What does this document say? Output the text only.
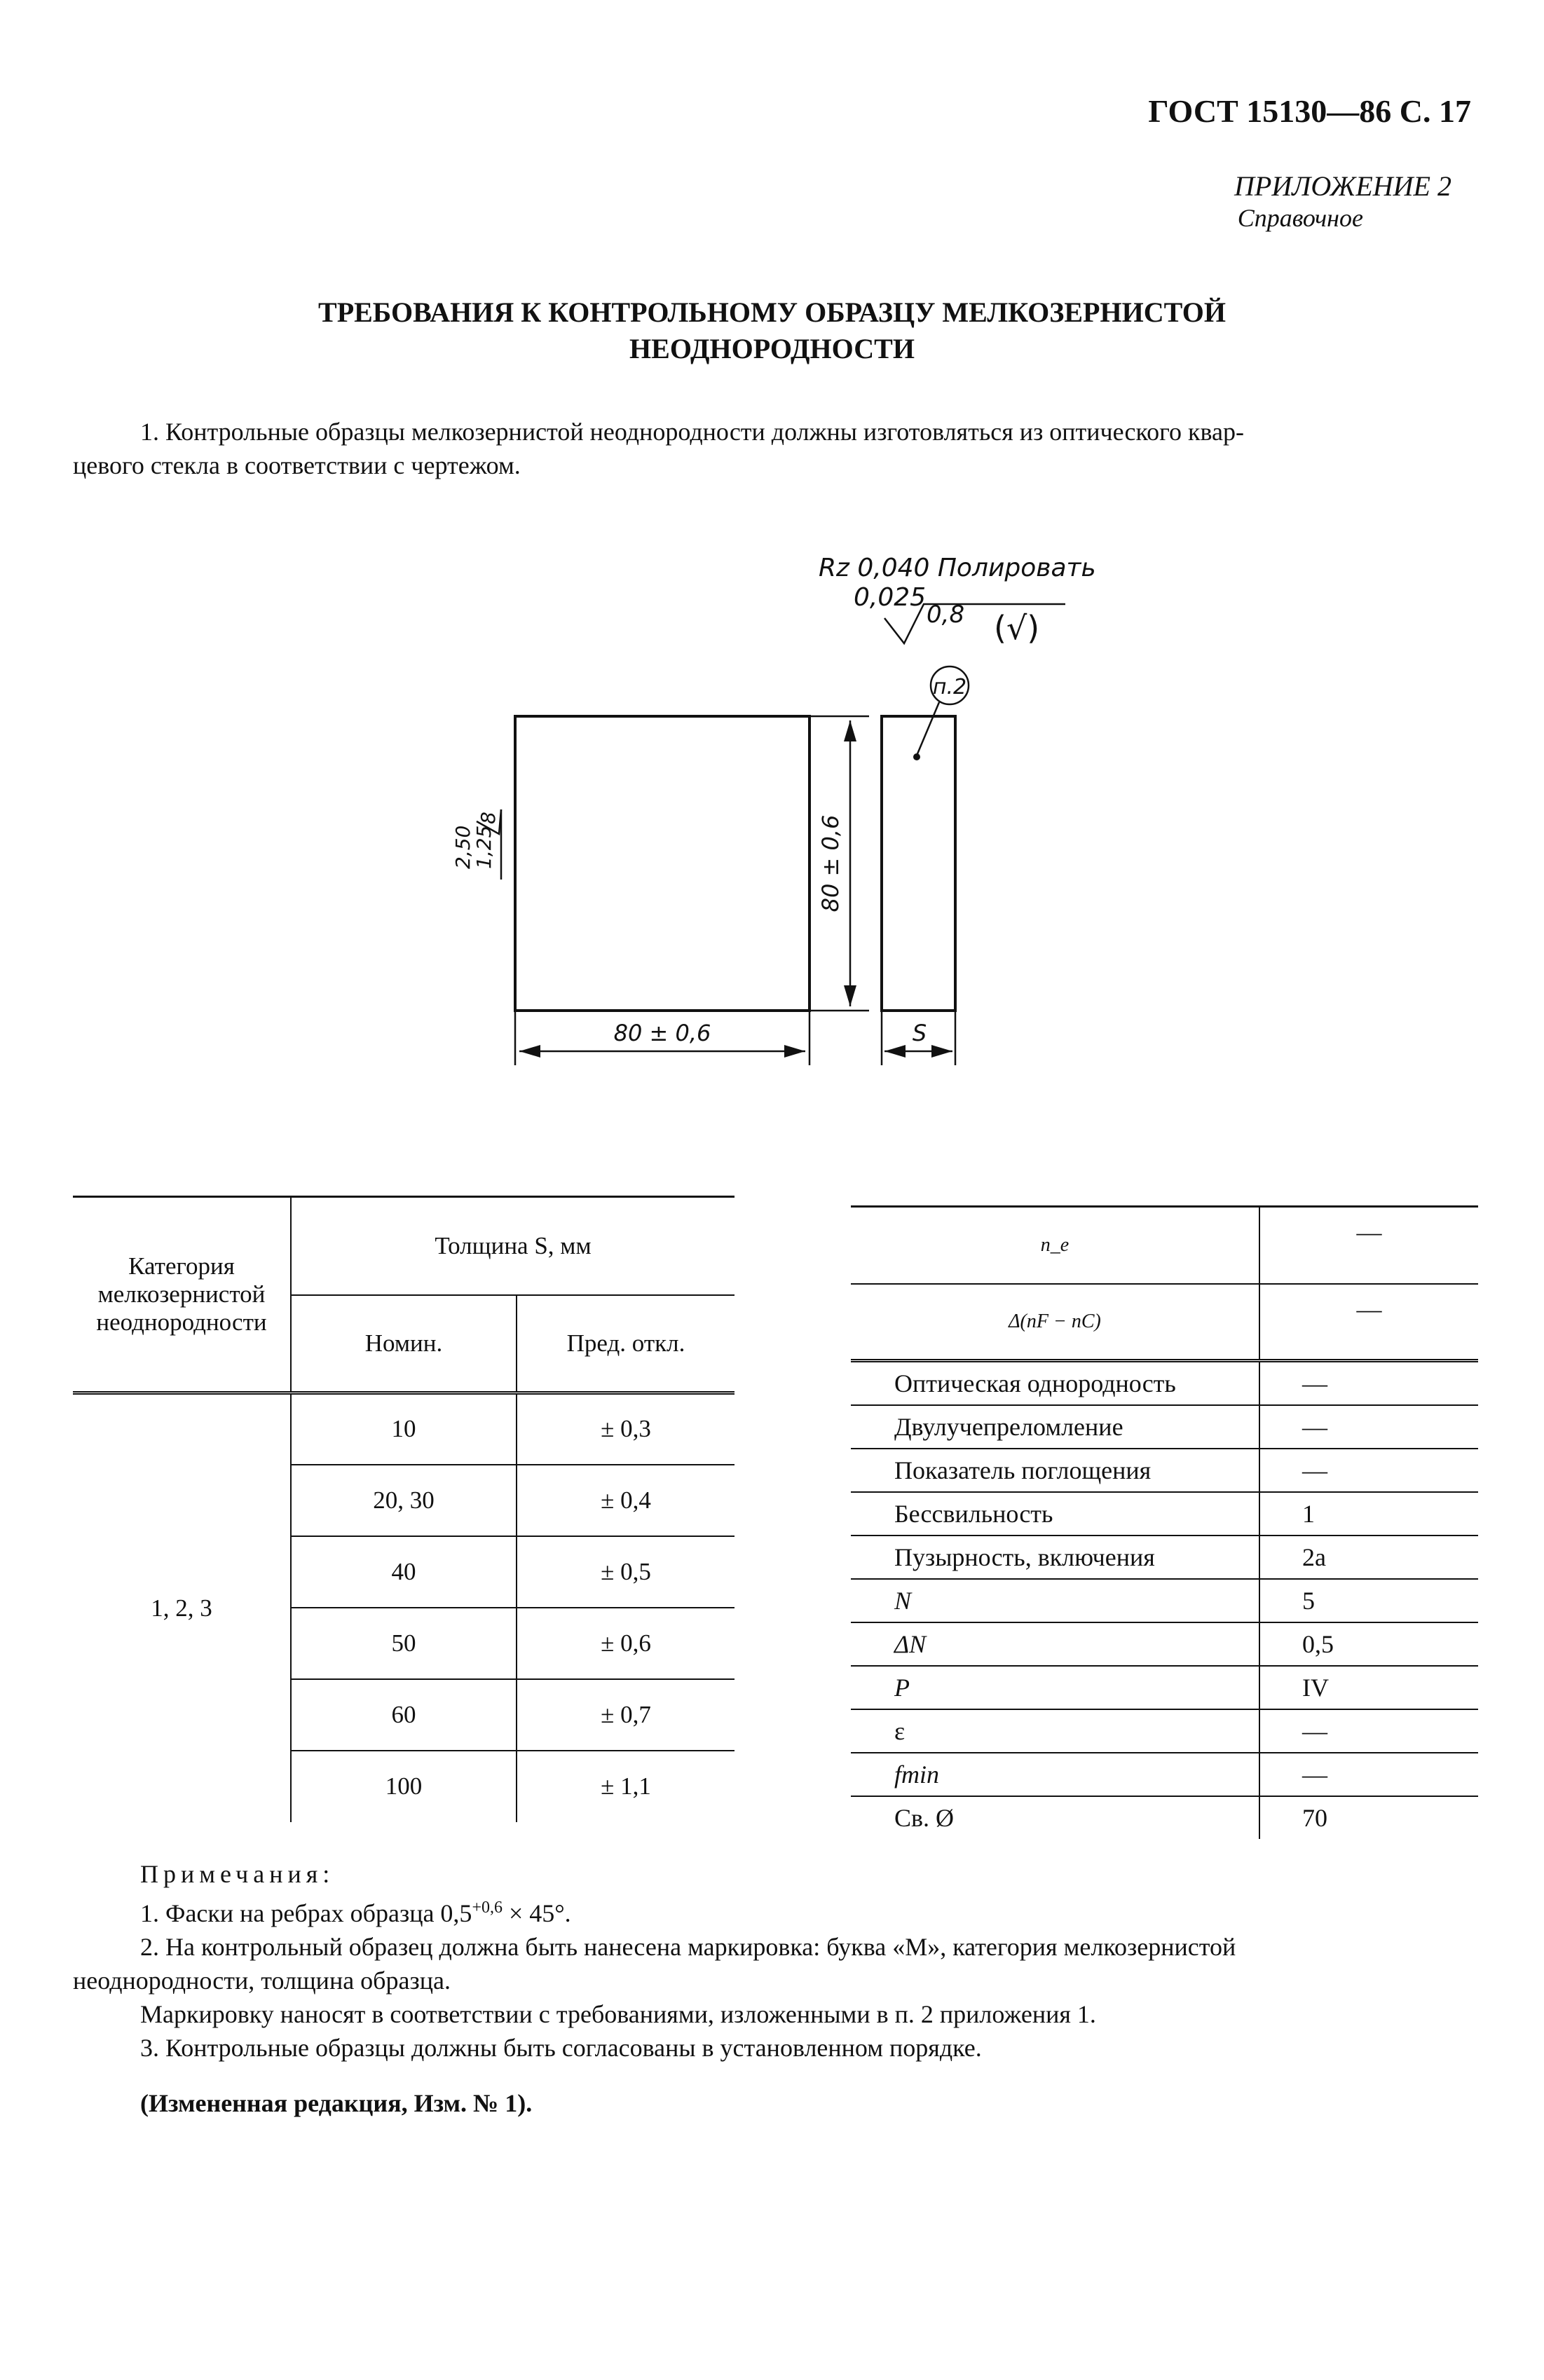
ГОСТ 15130—86 С. 17
ПРИЛОЖЕНИЕ 2
Справочное
ТРЕБОВАНИЯ К КОНТРОЛЬНОМУ ОБРАЗЦУ МЕЛКОЗЕРНИСТОЙ
НЕОДНОРОДНОСТИ
1. Контрольные образцы мелкозернистой неоднородности должны изготовляться из оптического квар-
цевого стекла в соответствии с чертежом.
Rz 0,040 Полировать
0,025
0,8 (√)
п.2
80 ± 0,6
80 ± 0,6	S
2,50
1,25
8
Категория
мелкозернистой
неоднородности	Толщина S, мм	
	Номин.	Пред. откл.
1, 2, 3	10	± 0,3
	20, 30	± 0,4
	40	± 0,5
	50	± 0,6
	60	± 0,7
	100	± 1,1
n_e	—
Δ(nF − nC)	—
Оптическая однородность	—
Двулучепреломление	—
Показатель поглощения	—
Бессвильность	1
Пузырность, включения	2а
N	5
ΔN	0,5
P	IV
ε	—
fmin	—
Св. Ø	70
Примечания:
1. Фаски на ребрах образца $0,5^{+0,6} \times 45^\circ$.
2. На контрольный образец должна быть нанесена маркировка: буква «М», категория мелкозернистой
неоднородности, толщина образца.
Маркировку наносят в соответствии с требованиями, изложенными в п. 2 приложения 1.
3. Контрольные образцы должны быть согласованы в установленном порядке.
(Измененная редакция, Изм. № 1).
